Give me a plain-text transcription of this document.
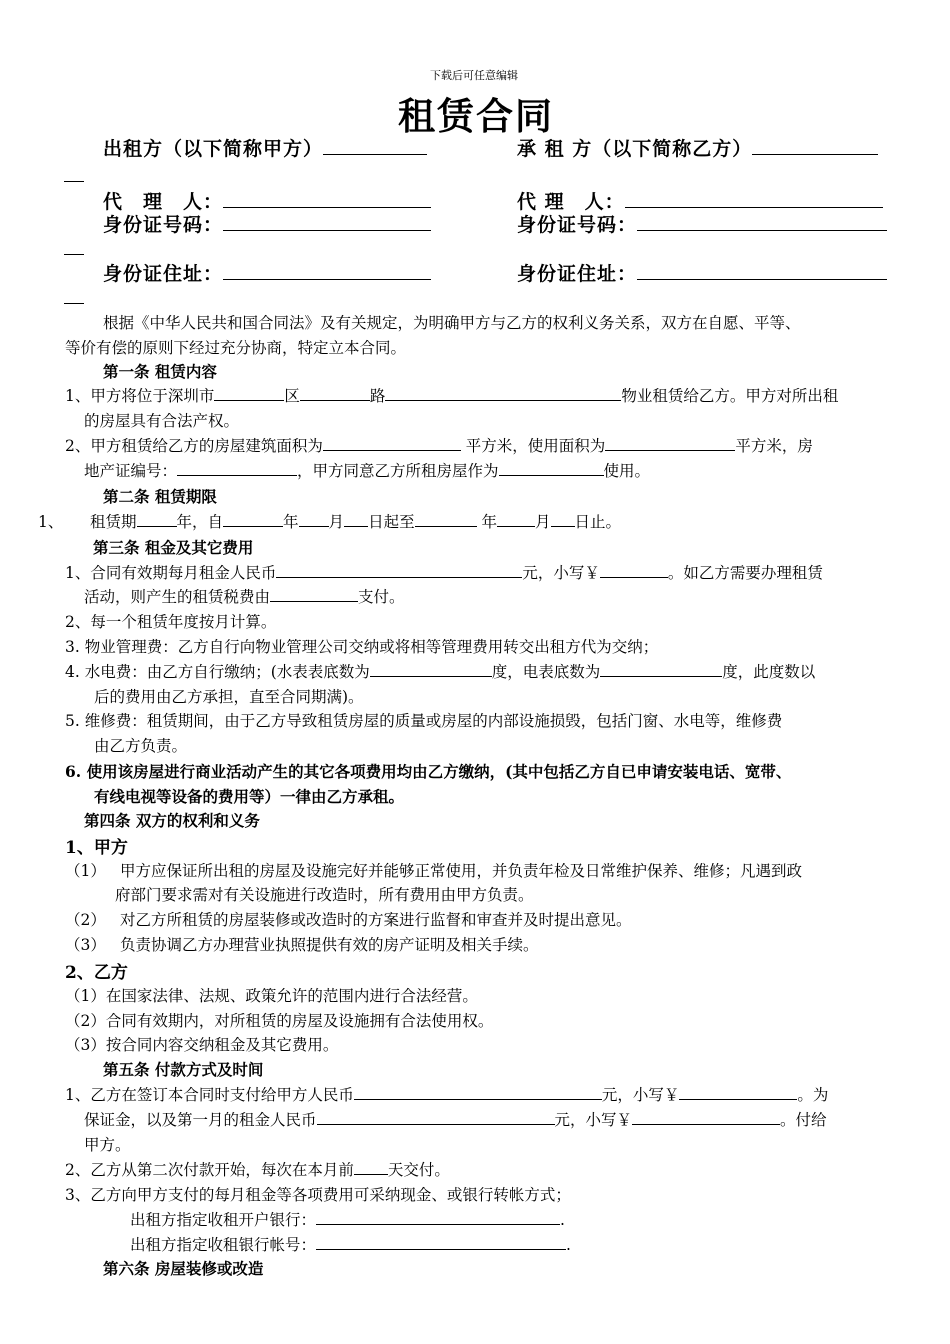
下载后可任意编辑
租赁合同
出租方（以下简称甲方）	承 租 方（以下简称乙方）
代　理　人：	代 理　人：
身份证号码：	身份证号码：
身份证住址：	身份证住址：
根据《中华人民共和国合同法》及有关规定，为明确甲方与乙方的权利义务关系，双方在自愿、平等、
等价有偿的原则下经过充分协商，特定立本合同。
第一条 租赁内容
1、甲方将位于深圳市	区	路	物业租赁给乙方。甲方对所出租
的房屋具有合法产权。
2、甲方租赁给乙方的房屋建筑面积为	平方米，使用面积为	平方米，房
地产证编号：	，甲方同意乙方所租房屋作为	使用。
第二条 租赁期限
1、 租赁期	年，自	年 月 日起至	年 月 日止。
第三条 租金及其它费用
1、合同有效期每月租金人民币	元，小写￥	。如乙方需要办理租赁
活动，则产生的租赁税费由	支付。
2、每一个租赁年度按月计算。
3. 物业管理费：乙方自行向物业管理公司交纳或将相等管理费用转交出租方代为交纳；
4. 水电费：由乙方自行缴纳；(水表表底数为	度，电表底数为	度，此度数以
后的费用由乙方承担，直至合同期满)。
5. 维修费：租赁期间，由于乙方导致租赁房屋的质量或房屋的内部设施损毁，包括门窗、水电等，维修费
由乙方负责。
6. 使用该房屋进行商业活动产生的其它各项费用均由乙方缴纳，(其中包括乙方自已申请安装电话、宽带、
有线电视等设备的费用等）一律由乙方承租。
第四条 双方的权利和义务
1、甲方
（1） 甲方应保证所出租的房屋及设施完好并能够正常使用，并负责年检及日常维护保养、维修；凡遇到政
府部门要求需对有关设施进行改造时，所有费用由甲方负责。
（2） 对乙方所租赁的房屋装修或改造时的方案进行监督和审查并及时提出意见。
（3） 负责协调乙方办理营业执照提供有效的房产证明及相关手续。
2、乙方
（1）在国家法律、法规、政策允许的范围内进行合法经营。
（2）合同有效期内，对所租赁的房屋及设施拥有合法使用权。
（3）按合同内容交纳租金及其它费用。
第五条 付款方式及时间
1、乙方在签订本合同时支付给甲方人民币	元，小写￥	。为
保证金，以及第一月的租金人民币	元，小写￥	。付给
甲方。
2、乙方从第二次付款开始，每次在本月前 天交付。
3、乙方向甲方支付的每月租金等各项费用可采纳现金、或银行转帐方式；
出租方指定收租开户银行：	.
出租方指定收租银行帐号：	.
第六条 房屋装修或改造
